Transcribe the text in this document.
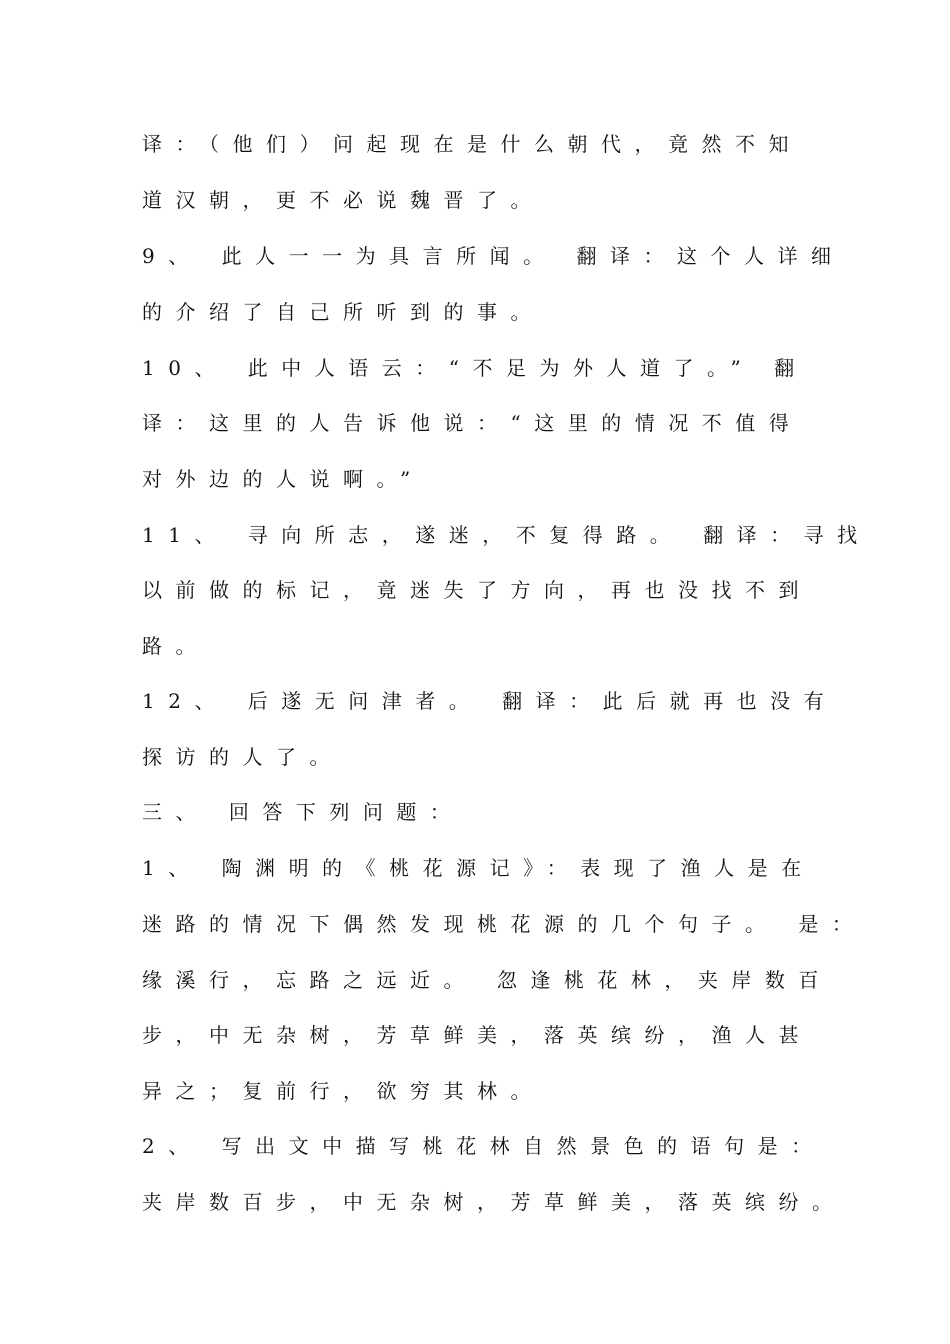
译：（他们）问起现在是什么朝代，竟然不知
道汉朝，更不必说魏晋了。
9、 此人一一为具言所闻。 翻译：这个人详细
的介绍了自己所听到的事。
10、 此中人语云：“不足为外人道了。” 翻
译：这里的人告诉他说：“这里的情况不值得
对外边的人说啊。”
11、 寻向所志，遂迷，不复得路。 翻译：寻找
以前做的标记，竟迷失了方向，再也没找不到
路。
12、 后遂无问津者。 翻译：此后就再也没有
探访的人了。
三、 回答下列问题：
1、 陶渊明的《桃花源记》：表现了渔人是在
迷路的情况下偶然发现桃花源的几个句子。 是：
缘溪行，忘路之远近。 忽逢桃花林，夹岸数百
步，中无杂树，芳草鲜美，落英缤纷，渔人甚
异之；复前行，欲穷其林。
2、 写出文中描写桃花林自然景色的语句是：
夹岸数百步，中无杂树，芳草鲜美，落英缤纷。
